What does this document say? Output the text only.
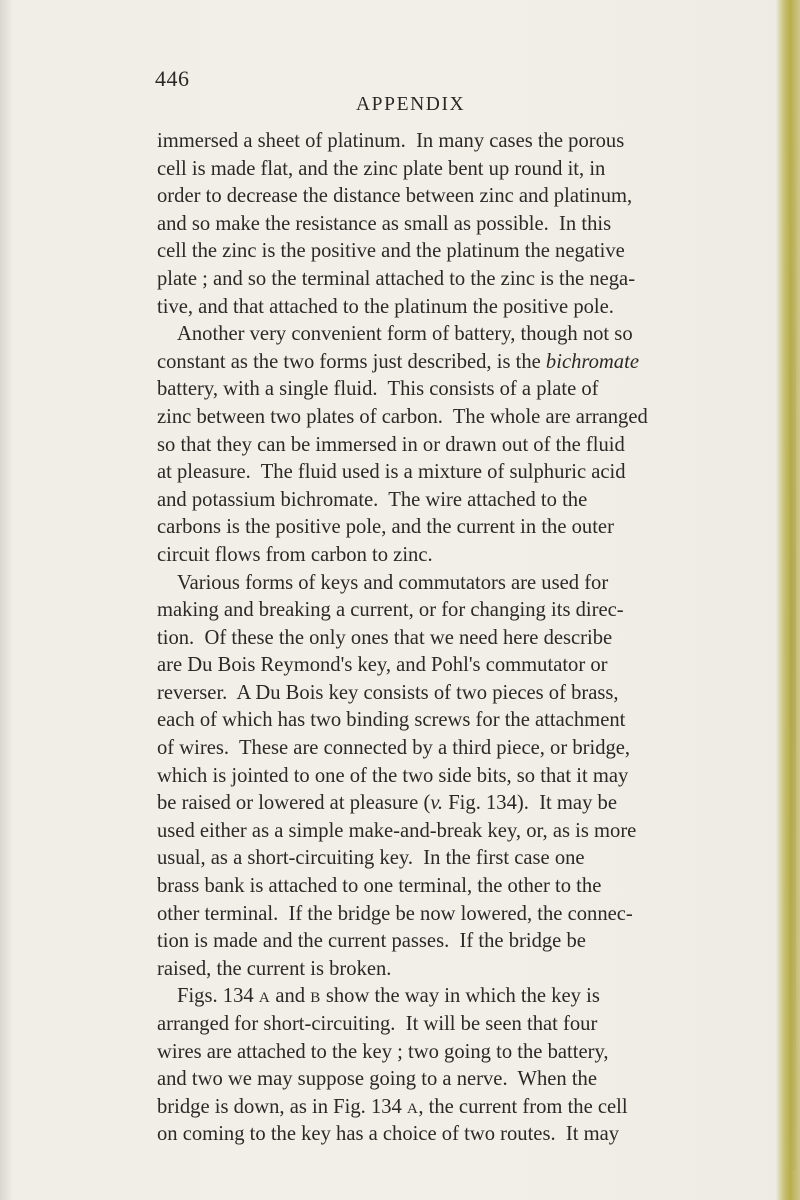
446
APPENDIX
immersed a sheet of platinum.  In many cases the porous
cell is made flat, and the zinc plate bent up round it, in
order to decrease the distance between zinc and platinum,
and so make the resistance as small as possible.  In this
cell the zinc is the positive and the platinum the negative
plate ; and so the terminal attached to the zinc is the nega-
tive, and that attached to the platinum the positive pole.
Another very convenient form of battery, though not so
constant as the two forms just described, is the bichromate
battery, with a single fluid.  This consists of a plate of
zinc between two plates of carbon.  The whole are arranged
so that they can be immersed in or drawn out of the fluid
at pleasure.  The fluid used is a mixture of sulphuric acid
and potassium bichromate.  The wire attached to the
carbons is the positive pole, and the current in the outer
circuit flows from carbon to zinc.
Various forms of keys and commutators are used for
making and breaking a current, or for changing its direc-
tion.  Of these the only ones that we need here describe
are Du Bois Reymond's key, and Pohl's commutator or
reverser.  A Du Bois key consists of two pieces of brass,
each of which has two binding screws for the attachment
of wires.  These are connected by a third piece, or bridge,
which is jointed to one of the two side bits, so that it may
be raised or lowered at pleasure (v. Fig. 134).  It may be
used either as a simple make-and-break key, or, as is more
usual, as a short-circuiting key.  In the first case one
brass bank is attached to one terminal, the other to the
other terminal.  If the bridge be now lowered, the connec-
tion is made and the current passes.  If the bridge be
raised, the current is broken.
Figs. 134 A and B show the way in which the key is
arranged for short-circuiting.  It will be seen that four
wires are attached to the key ; two going to the battery,
and two we may suppose going to a nerve.  When the
bridge is down, as in Fig. 134 A, the current from the cell
on coming to the key has a choice of two routes.  It may
